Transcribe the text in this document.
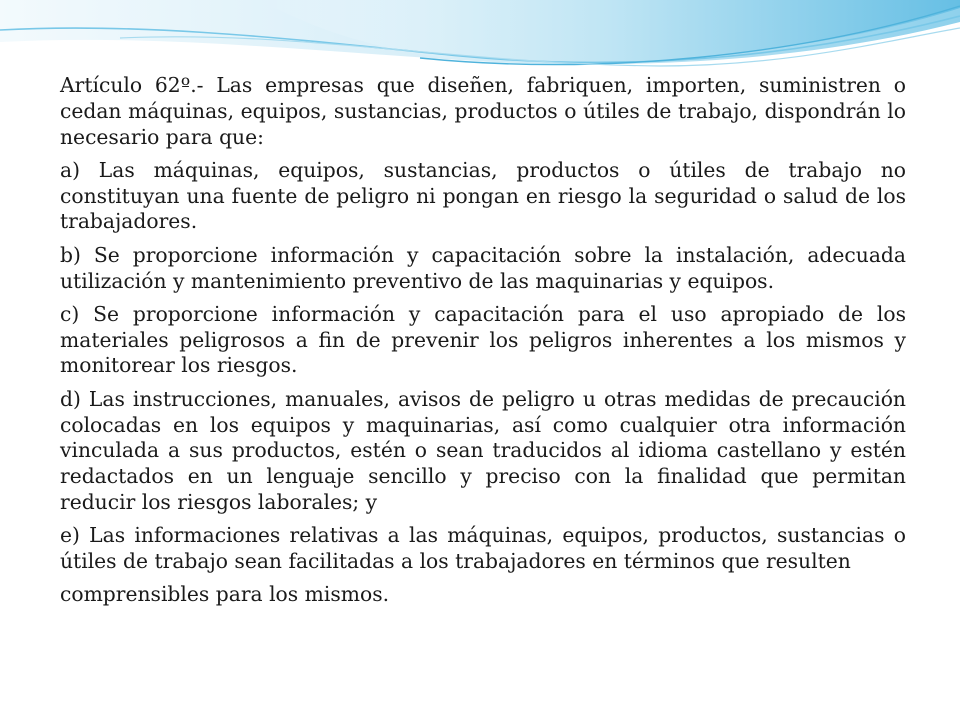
Artículo 62º.- Las empresas que diseñen, fabriquen, importen, suministren o cedan máquinas, equipos, sustancias, productos o útiles de trabajo, dispondrán lo necesario para que:

a) Las máquinas, equipos, sustancias, productos o útiles de trabajo no constituyan una fuente de peligro ni pongan en riesgo la seguridad o salud de los trabajadores.

b) Se proporcione información y capacitación sobre la instalación, adecuada utilización y mantenimiento preventivo de las maquinarias y equipos.

c) Se proporcione información y capacitación para el uso apropiado de los materiales peligrosos a fin de prevenir los peligros inherentes a los mismos y monitorear los riesgos.

d) Las instrucciones, manuales, avisos de peligro u otras medidas de precaución colocadas en los equipos y maquinarias, así como cualquier otra información vinculada a sus productos, estén o sean traducidos al idioma castellano y estén redactados en un lenguaje sencillo y preciso con la finalidad que permitan reducir los riesgos laborales; y

e) Las informaciones relativas a las máquinas, equipos, productos, sustancias o útiles de trabajo sean facilitadas a los trabajadores en términos que resulten

comprensibles para los mismos.
